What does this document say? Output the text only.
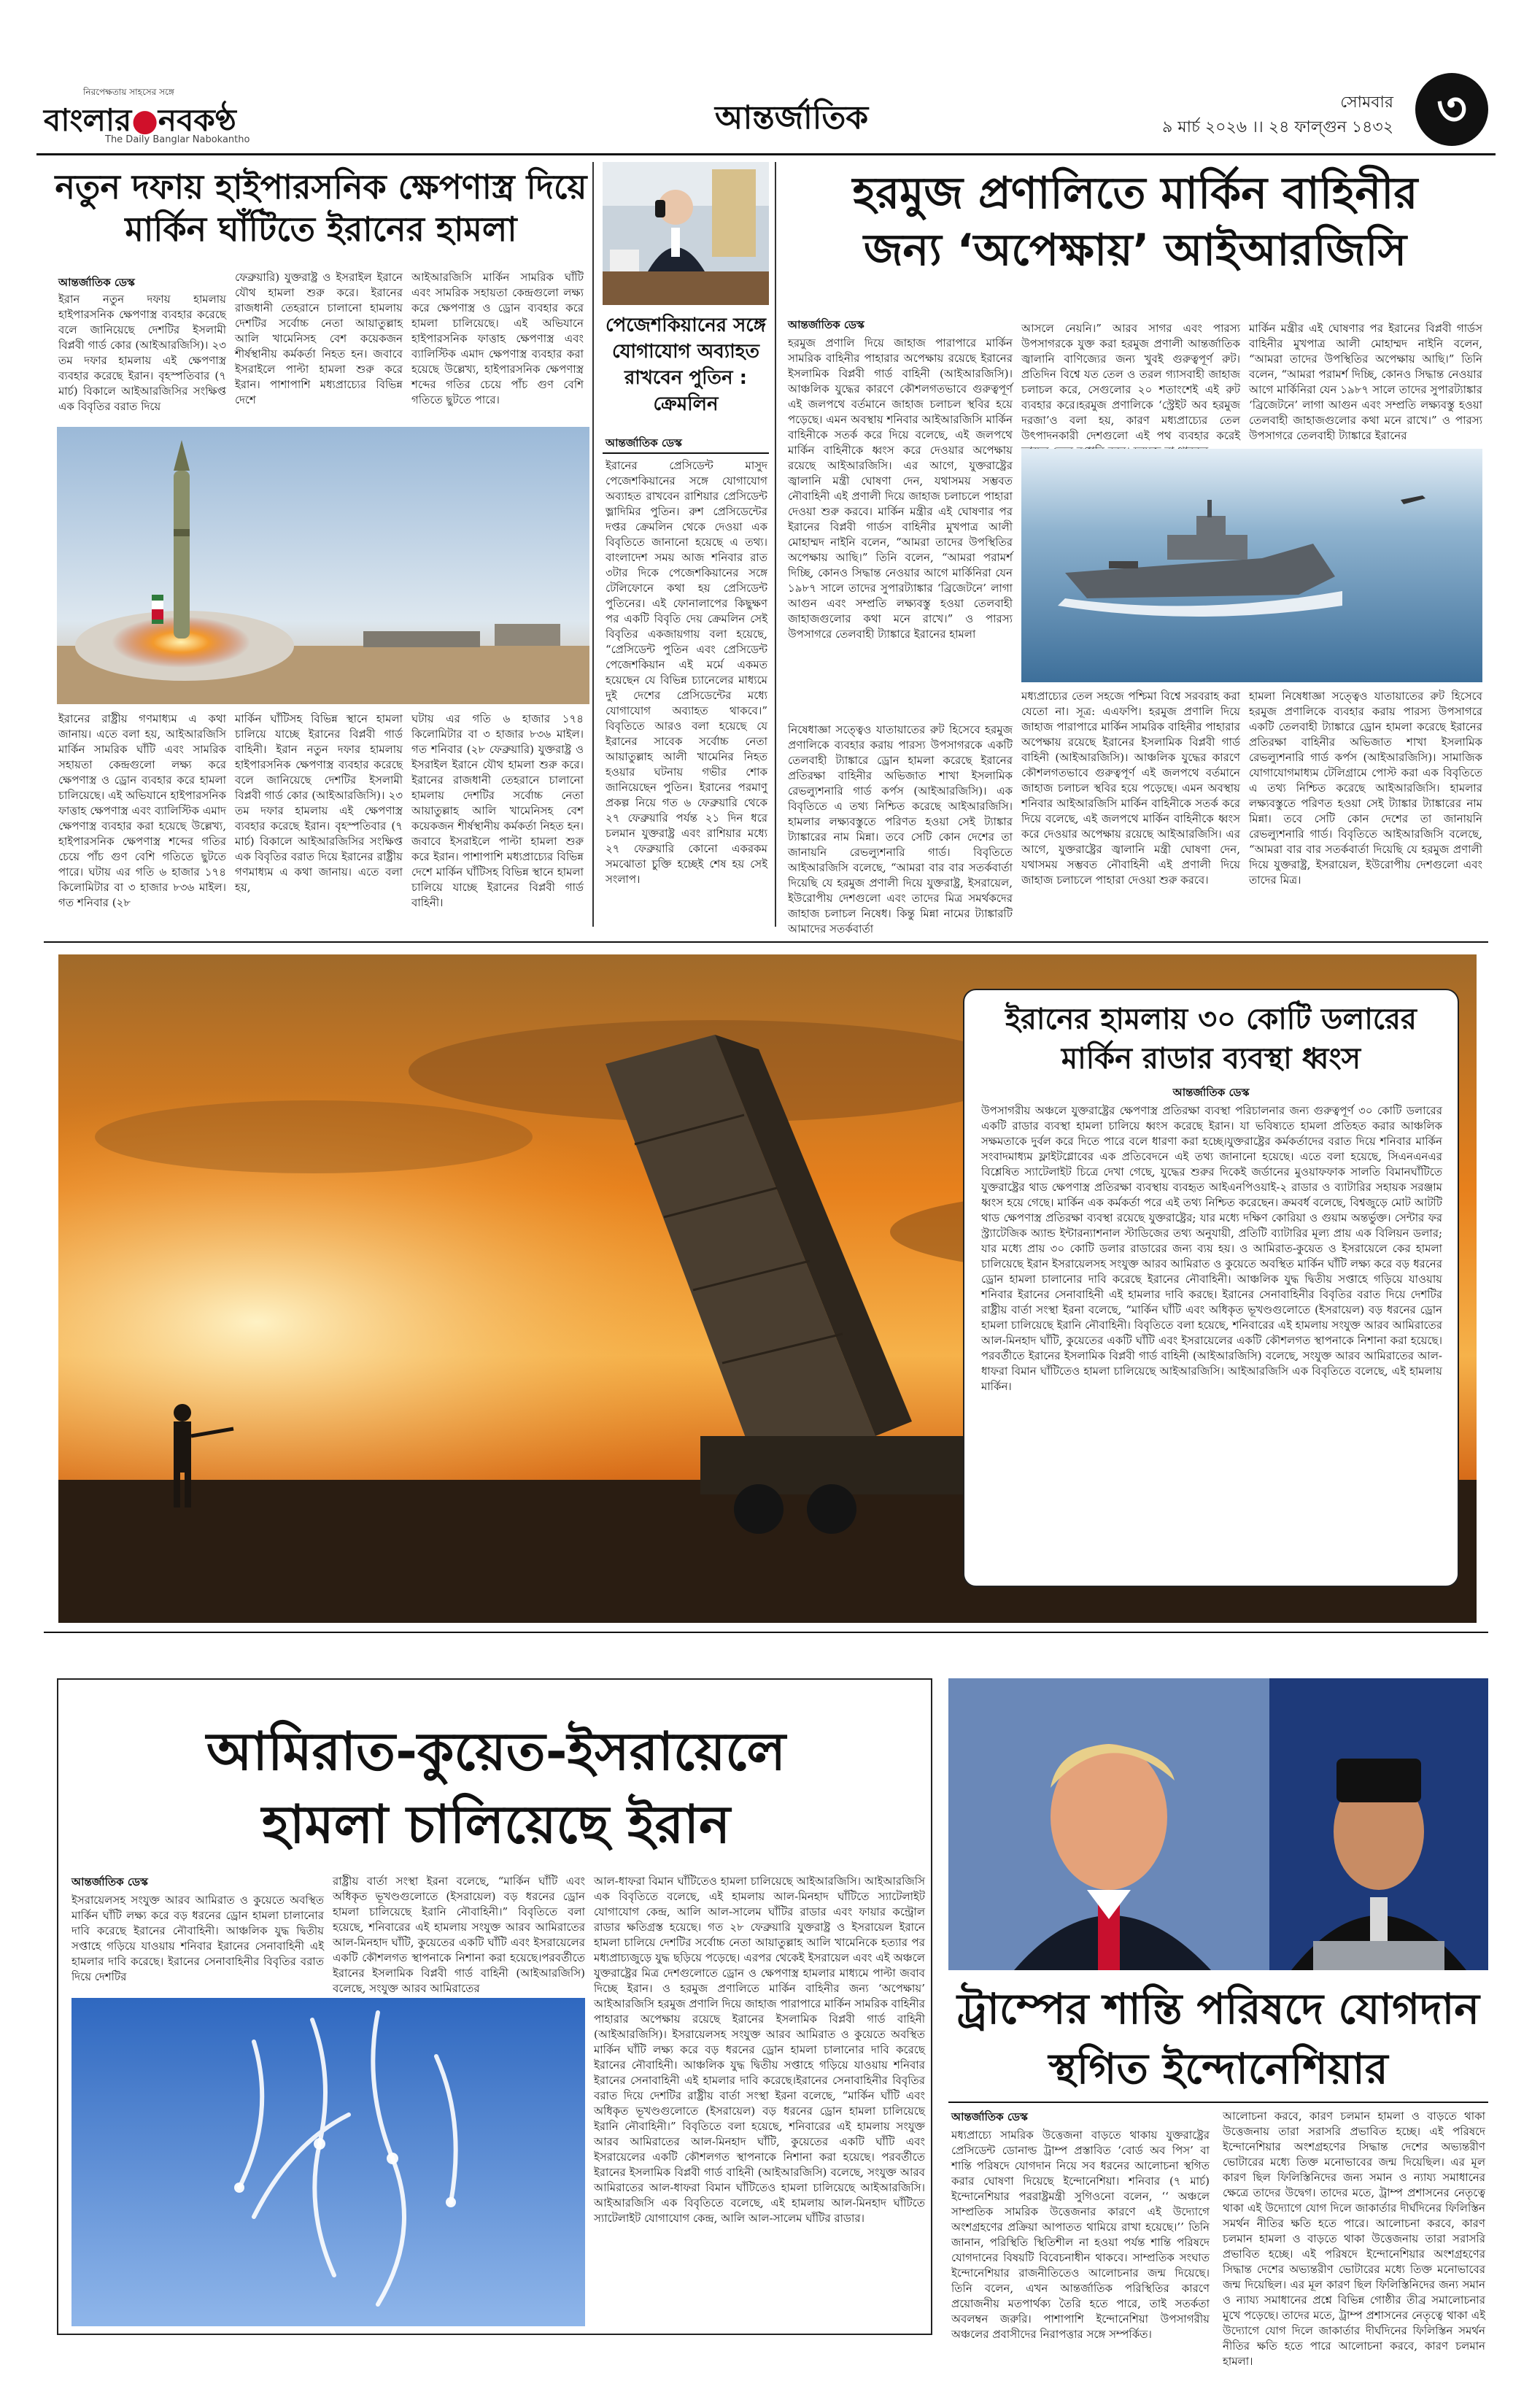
নিরপেক্ষতায় সাহসের সঙ্গে
বাংলার●নবকণ্ঠ
The Daily Banglar Nabokantho
আন্তর্জাতিক	সোমবার
৯ মার্চ ২০২৬ ।। ২৪ ফাল্গুন ১৪৩২ ৩
নতুন দফায় হাইপারসনিক ক্ষেপণাস্ত্র দিয়ে
মার্কিন ঘাঁটিতে ইরানের হামলা
আন্তর্জাতিক ডেস্ক
ইরান নতুন দফায় হামলায় হাইপারসনিক ক্ষেপণাস্ত্র ব্যবহার করেছে বলে জানিয়েছে দেশটির ইসলামী বিপ্লবী গার্ড কোর (আইআরজিসি)। ২৩ তম দফার হামলায় এই ক্ষেপণাস্ত্র ব্যবহার করেছে ইরান। বৃহস্পতিবার (৭ মার্চ) বিকালে আইআরজিসির সংক্ষিপ্ত এক বিবৃতির বরাত দিয়ে
ফেব্রুয়ারি) যুক্তরাষ্ট্র ও ইসরাইল ইরানে যৌথ হামলা শুরু করে। ইরানের রাজধানী তেহরানে চালানো হামলায় দেশটির সর্বোচ্চ নেতা আয়াতুল্লাহ আলি খামেনিসহ বেশ কয়েকজন শীর্ষস্থানীয় কর্মকর্তা নিহত হন। জবাবে ইসরাইলে পাল্টা হামলা শুরু করে ইরান। পাশাপাশি মধ্যপ্রাচ্যের বিভিন্ন দেশে
আইআরজিসি মার্কিন সামরিক ঘাঁটি এবং সামরিক সহায়তা কেন্দ্রগুলো লক্ষ্য করে ক্ষেপণাস্ত্র ও ড্রোন ব্যবহার করে হামলা চালিয়েছে। এই অভিযানে হাইপারসনিক ফাত্তাহ ক্ষেপণাস্ত্র এবং ব্যালিস্টিক এমাদ ক্ষেপণাস্ত্র ব্যবহার করা হয়েছে উল্লেখ্য, হাইপারসনিক ক্ষেপণাস্ত্র শব্দের গতির চেয়ে পাঁচ গুণ বেশি গতিতে ছুটতে পারে।
ইরানের রাষ্ট্রীয় গণমাধ্যম এ কথা জানায়। এতে বলা হয়, আইআরজিসি মার্কিন সামরিক ঘাঁটি এবং সামরিক সহায়তা কেন্দ্রগুলো লক্ষ্য করে ক্ষেপণাস্ত্র ও ড্রোন ব্যবহার করে হামলা চালিয়েছে। এই অভিযানে হাইপারসনিক ফাত্তাহ ক্ষেপণাস্ত্র এবং ব্যালিস্টিক এমাদ ক্ষেপণাস্ত্র ব্যবহার করা হয়েছে উল্লেখ্য, হাইপারসনিক ক্ষেপণাস্ত্র শব্দের গতির চেয়ে পাঁচ গুণ বেশি গতিতে ছুটতে পারে। ঘটায় এর গতি ৬ হাজার ১৭৪ কিলোমিটার বা ৩ হাজার ৮৩৬ মাইল। গত শনিবার (২৮
মার্কিন ঘাঁটিসহ বিভিন্ন স্থানে হামলা চালিয়ে যাচ্ছে ইরানের বিপ্লবী গার্ড বাহিনী। ইরান নতুন দফার হামলায় হাইপারসনিক ক্ষেপণাস্ত্র ব্যবহার করেছে বলে জানিয়েছে দেশটির ইসলামী বিপ্লবী গার্ড কোর (আইআরজিসি)। ২৩ তম দফার হামলায় এই ক্ষেপণাস্ত্র ব্যবহার করেছে ইরান। বৃহস্পতিবার (৭ মার্চ) বিকালে আইআরজিসির সংক্ষিপ্ত এক বিবৃতির বরাত দিয়ে ইরানের রাষ্ট্রীয় গণমাধ্যম এ কথা জানায়। এতে বলা হয়,
ঘটায় এর গতি ৬ হাজার ১৭৪ কিলোমিটার বা ৩ হাজার ৮৩৬ মাইল। গত শনিবার (২৮ ফেব্রুয়ারি) যুক্তরাষ্ট্র ও ইসরাইল ইরানে যৌথ হামলা শুরু করে। ইরানের রাজধানী তেহরানে চালানো হামলায় দেশটির সর্বোচ্চ নেতা আয়াতুল্লাহ আলি খামেনিসহ বেশ কয়েকজন শীর্ষস্থানীয় কর্মকর্তা নিহত হন। জবাবে ইসরাইলে পাল্টা হামলা শুরু করে ইরান। পাশাপাশি মধ্যপ্রাচ্যের বিভিন্ন দেশে মার্কিন ঘাঁটিসহ বিভিন্ন স্থানে হামলা চালিয়ে যাচ্ছে ইরানের বিপ্লবী গার্ড বাহিনী।
পেজেশকিয়ানের সঙ্গে
যোগাযোগ অব্যাহত
রাখবেন পুতিন :
ক্রেমলিন
আন্তর্জাতিক ডেস্ক
ইরানের প্রেসিডেন্ট মাসুদ পেজেশকিয়ানের সঙ্গে যোগাযোগ অব্যাহত রাখবেন রাশিয়ার প্রেসিডেন্ট ভ্লাদিমির পুতিন। রুশ প্রেসিডেন্টের দপ্তর ক্রেমলিন থেকে দেওয়া এক বিবৃতিতে জানানো হয়েছে এ তথ্য। বাংলাদেশ সময় আজ শনিবার রাত ৩টার দিকে পেজেশকিয়ানের সঙ্গে টেলিফোনে কথা হয় প্রেসিডেন্ট পুতিনের। এই ফোনালাপের কিছুক্ষণ পর একটি বিবৃতি দেয় ক্রেমলিন সেই বিবৃতির একজায়গায় বলা হয়েছে, “প্রেসিডেন্ট পুতিন এবং প্রেসিডেন্ট পেজেশকিয়ান এই মর্মে একমত হয়েছেন যে বিভিন্ন চ্যানেলের মাধ্যমে দুই দেশের প্রেসিডেন্টের মধ্যে যোগাযোগ অব্যাহত থাকবে।” বিবৃতিতে আরও বলা হয়েছে যে ইরানের সাবেক সর্বোচ্চ নেতা আয়াতুল্লাহ আলী খামেনির নিহত হওয়ার ঘটনায় গভীর শোক জানিয়েছেন পুতিন। ইরানের পরমাণু প্রকল্প নিয়ে গত ৬ ফেব্রুয়ারি থেকে ২৭ ফেব্রুয়ারি পর্যন্ত ২১ দিন ধরে চলমান যুক্তরাষ্ট্র এবং রাশিয়ার মধ্যে ২৭ ফেব্রুয়ারি কোনো একরকম সমঝোতা চুক্তি হচ্ছেই শেষ হয় সেই সংলাপ।
হরমুজ প্রণালিতে মার্কিন বাহিনীর
জন্য ‘অপেক্ষায়’ আইআরজিসি
আন্তর্জাতিক ডেস্ক
হরমুজ প্রণালি দিয়ে জাহাজ পারাপারে মার্কিন সামরিক বাহিনীর পাহারার অপেক্ষায় রয়েছে ইরানের ইসলামিক বিপ্লবী গার্ড বাহিনী (আইআরজিসি)। আঞ্চলিক যুদ্ধের কারণে কৌশলগতভাবে গুরুত্বপূর্ণ এই জলপথে বর্তমানে জাহাজ চলাচল স্থবির হয়ে পড়েছে। এমন অবস্থায় শনিবার আইআরজিসি মার্কিন বাহিনীকে সতর্ক করে দিয়ে বলেছে, এই জলপথে মার্কিন বাহিনীকে ধ্বংস করে দেওয়ার অপেক্ষায় রয়েছে আইআরজিসি। এর আগে, যুক্তরাষ্ট্রের জ্বালানি মন্ত্রী ঘোষণা দেন, যথাসময় সম্ভবত নৌবাহিনী এই প্রণালী দিয়ে জাহাজ চলাচলে পাহারা দেওয়া শুরু করবে। মার্কিন মন্ত্রীর এই ঘোষণার পর ইরানের বিপ্লবী গার্ডস বাহিনীর মুখপাত্র আলী মোহাম্মদ নাইনি বলেন, “আমরা তাদের উপস্থিতির অপেক্ষায় আছি।” তিনি বলেন, “আমরা পরামর্শ দিচ্ছি, কোনও সিদ্ধান্ত নেওয়ার আগে মার্কিনিরা যেন ১৯৮৭ সালে তাদের সুপারট্যাঙ্কার ‘ব্রিজেটনে’ লাগা আগুন এবং সম্প্রতি লক্ষ্যবস্তু হওয়া তেলবাহী জাহাজগুলোর কথা মনে রাখে।” ও পারস্য উপসাগরে তেলবাহী ট্যাঙ্কারে ইরানের হামলা
আসলে নেয়নি।” আরব সাগর এবং পারস্য উপসাগরকে যুক্ত করা হরমুজ প্রণালী আন্তর্জাতিক জ্বালানি বাণিজ্যের জন্য খুবই গুরুত্বপূর্ণ রুট। প্রতিদিন বিশ্বে যত তেল ও তরল গ্যাসবাহী জাহাজ চলাচল করে, সেগুলোর ২০ শতাংশেই এই রুট ব্যবহার করে।হরমুজ প্রণালিকে ‘স্ট্রেইট অব হরমুজ দরজা’ও বলা হয়, কারণ মধ্যপ্রাচ্যের তেল উৎপাদনকারী দেশগুলো এই পথ ব্যবহার করেই
মার্কিন মন্ত্রীর এই ঘোষণার পর ইরানের বিপ্লবী গার্ডস বাহিনীর মুখপাত্র আলী মোহাম্মদ নাইনি বলেন, “আমরা তাদের উপস্থিতির অপেক্ষায় আছি।” তিনি বলেন, “আমরা পরামর্শ দিচ্ছি, কোনও সিদ্ধান্ত নেওয়ার আগে মার্কিনিরা যেন ১৯৮৭ সালে তাদের সুপারট্যাঙ্কার ‘ব্রিজেটনে’ লাগা আগুন এবং সম্প্রতি লক্ষ্যবস্তু হওয়া তেলবাহী জাহাজগুলোর কথা মনে রাখে।” ও পারস্য উপসাগরে তেলবাহী ট্যাঙ্কারে ইরানের
নিষেধাজ্ঞা সত্ত্বেও যাতায়াতের রুট হিসেবে হরমুজ প্রণালিকে ব্যবহার করায় পারস্য উপসাগরকে একটি তেলবাহী ট্যাঙ্কারে ড্রোন হামলা করেছে ইরানের প্রতিরক্ষা বাহিনীর অভিজাত শাখা ইসলামিক রেভল্যুশনারি গার্ড কর্পস (আইআরজিসি)। এক বিবৃতিতে এ তথ্য নিশ্চিত করেছে আইআরজিসি। হামলার লক্ষ্যবস্তুতে পরিণত হওয়া সেই ট্যাঙ্কার ট্যাঙ্কারের নাম মিন্না। তবে সেটি কোন দেশের তা জানায়নি রেভল্যুশনারি গার্ড। বিবৃতিতে আইআরজিসি বলেছে, “আমরা বার বার সতর্কবার্তা দিয়েছি যে হরমুজ প্রণালী দিয়ে যুক্তরাষ্ট্র, ইসরায়েল, ইউরোপীয় দেশগুলো এবং তাদের মিত্র সমর্থকদের জাহাজ চলাচল নিষেধ। কিন্তু মিন্না নামের ট্যাঙ্কারটি আমাদের সতর্কবার্তা
মধ্যপ্রাচ্যের তেল সহজে পশ্চিমা বিশ্বে সরবরাহ করা যেতো না। সূত্র: এএফপি। হরমুজ প্রণালি দিয়ে জাহাজ পারাপারে মার্কিন সামরিক বাহিনীর পাহারার অপেক্ষায় রয়েছে ইরানের ইসলামিক বিপ্লবী গার্ড বাহিনী (আইআরজিসি)। আঞ্চলিক যুদ্ধের কারণে কৌশলগতভাবে গুরুত্বপূর্ণ এই জলপথে বর্তমানে জাহাজ চলাচল স্থবির হয়ে পড়েছে। এমন অবস্থায় শনিবার আইআরজিসি মার্কিন বাহিনীকে সতর্ক করে দিয়ে বলেছে, এই জলপথে মার্কিন বাহিনীকে ধ্বংস করে দেওয়ার অপেক্ষায় রয়েছে আইআরজিসি। এর আগে, যুক্তরাষ্ট্রের জ্বালানি মন্ত্রী ঘোষণা দেন, যথাসময় সম্ভবত নৌবাহিনী এই প্রণালী দিয়ে জাহাজ চলাচলে পাহারা দেওয়া শুরু করবে।
হামলা নিষেধাজ্ঞা সত্ত্বেও যাতায়াতের রুট হিসেবে হরমুজ প্রণালিকে ব্যবহার করায় পারস্য উপসাগরে একটি তেলবাহী ট্যাঙ্কারে ড্রোন হামলা করেছে ইরানের প্রতিরক্ষা বাহিনীর অভিজাত শাখা ইসলামিক রেভল্যুশনারি গার্ড কর্পস (আইআরজিসি)। সামাজিক যোগাযোগমাধ্যম টেলিগ্রামে পোস্ট করা এক বিবৃতিতে এ তথ্য নিশ্চিত করেছে আইআরজিসি। হামলার লক্ষ্যবস্তুতে পরিণত হওয়া সেই ট্যাঙ্কার ট্যাঙ্কারের নাম মিন্না। তবে সেটি কোন দেশের তা জানায়নি রেভল্যুশনারি গার্ড। বিবৃতিতে আইআরজিসি বলেছে, “আমরা বার বার সতর্কবার্তা দিয়েছি যে হরমুজ প্রণালী দিয়ে যুক্তরাষ্ট্র, ইসরায়েল, ইউরোপীয় দেশগুলো এবং তাদের মিত্র।
ইরানের হামলায় ৩০ কোটি ডলারের
মার্কিন রাডার ব্যবস্থা ধ্বংস
আন্তর্জাতিক ডেস্ক
উপসাগরীয় অঞ্চলে যুক্তরাষ্ট্রের ক্ষেপণাস্ত্র প্রতিরক্ষা ব্যবস্থা পরিচালনার জন্য গুরুত্বপূর্ণ ৩০ কোটি ডলারের একটি রাডার ব্যবস্থা হামলা চালিয়ে ধ্বংস করেছে ইরান। যা ভবিষ্যতে হামলা প্রতিহত করার আঞ্চলিক সক্ষমতাকে দুর্বল করে দিতে পারে বলে ধারণা করা হচ্ছে।যুক্তরাষ্ট্রের কর্মকর্তাদের বরাত দিয়ে শনিবার মার্কিন সংবাদমাধ্যম ফ্লাইটগ্লোবের এক প্রতিবেদনে এই তথ্য জানানো হয়েছে। এতে বলা হয়েছে, সিএনএনএর বিশ্লেষিত স্যাটেলাইট চিত্রে দেখা গেছে, যুদ্ধের শুরুর দিকেই জর্ডানের মুওয়াফফাক সালতি বিমানঘাঁটিতে যুক্তরাষ্ট্রের থাড ক্ষেপণাস্ত্র প্রতিরক্ষা ব্যবস্থায় ব্যবহৃত আইএনপিওয়াই-২ রাডার ও ব্যাটারির সহায়ক সরঞ্জাম ধ্বংস হয়ে গেছে। মার্কিন এক কর্মকর্তা পরে এই তথ্য নিশ্চিত করেছেন। ক্রমবর্ধ বলেছে, বিশ্বজুড়ে মোট আটটি থাড ক্ষেপণাস্ত্র প্রতিরক্ষা ব্যবস্থা রয়েছে যুক্তরাষ্ট্রের; যার মধ্যে দক্ষিণ কোরিয়া ও গুয়াম অন্তর্ভুক্ত। সেন্টার ফর স্ট্র্যাটেজিক অ্যান্ড ইন্টারন্যাশনাল স্টাডিজের তথ্য অনুযায়ী, প্রতিটি ব্যাটারির মূল্য প্রায় এক বিলিয়ন ডলার; যার মধ্যে প্রায় ৩০ কোটি ডলার রাডারের জন্য ব্যয় হয়। ও আমিরাত-কুয়েত ও ইসরায়েলে কের হামলা চালিয়েছে ইরান ইসরায়েলসহ সংযুক্ত আরব আমিরাত ও কুয়েতে অবস্থিত মার্কিন ঘাঁটি লক্ষ্য করে বড় ধরনের ড্রোন হামলা চালানোর দাবি করেছে ইরানের নৌবাহিনী। আঞ্চলিক যুদ্ধ দ্বিতীয় সপ্তাহে গড়িয়ে যাওয়ায় শনিবার ইরানের সেনাবাহিনী এই হামলার দাবি করছে। ইরানের সেনাবাহিনীর বিবৃতির বরাত দিয়ে দেশটির রাষ্ট্রীয় বার্তা সংস্থা ইরনা বলেছে, “মার্কিন ঘাঁটি এবং অধিকৃত ভূখণ্ডগুলোতে (ইসরায়েল) বড় ধরনের ড্রোন হামলা চালিয়েছে ইরানি নৌবাহিনী। বিবৃতিতে বলা হয়েছে, শনিবারের এই হামলায় সংযুক্ত আরব আমিরাতের আল-মিনহাদ ঘাঁটি, কুয়েতের একটি ঘাঁটি এবং ইসরায়েলের একটি কৌশলগত স্থাপনাকে নিশানা করা হয়েছে। পরবর্তীতে ইরানের ইসলামিক বিপ্লবী গার্ড বাহিনী (আইআরজিসি) বলেছে, সংযুক্ত আরব আমিরাতের আল-ধাফরা বিমান ঘাঁটিতেও হামলা চালিয়েছে আইআরজিসি। আইআরজিসি এক বিবৃতিতে বলেছে, এই হামলায় মার্কিন।
আমিরাত-কুয়েত-ইসরায়েলে
হামলা চালিয়েছে ইরান
আন্তর্জাতিক ডেস্ক
ইসরায়েলসহ সংযুক্ত আরব আমিরাত ও কুয়েতে অবস্থিত মার্কিন ঘাঁটি লক্ষ্য করে বড় ধরনের ড্রোন হামলা চালানোর দাবি করেছে ইরানের নৌবাহিনী। আঞ্চলিক যুদ্ধ দ্বিতীয় সপ্তাহে গড়িয়ে যাওয়ায় শনিবার ইরানের সেনাবাহিনী এই হামলার দাবি করেছে। ইরানের সেনাবাহিনীর বিবৃতির বরাত দিয়ে দেশটির
রাষ্ট্রীয় বার্তা সংস্থা ইরনা বলেছে, “মার্কিন ঘাঁটি এবং অধিকৃত ভূখণ্ডগুলোতে (ইসরায়েল) বড় ধরনের ড্রোন হামলা চালিয়েছে ইরানি নৌবাহিনী।” বিবৃতিতে বলা হয়েছে, শনিবারের এই হামলায় সংযুক্ত আরব আমিরাতের আল-মিনহাদ ঘাঁটি, কুয়েতের একটি ঘাঁটি এবং ইসরায়েলের একটি কৌশলগত স্থাপনাকে নিশানা করা হয়েছে।পরবর্তীতে ইরানের ইসলামিক বিপ্লবী গার্ড বাহিনী (আইআরজিসি) বলেছে, সংযুক্ত আরব আমিরাতের
আল-ধাফরা বিমান ঘাঁটিতেও হামলা চালিয়েছে আইআরজিসি। আইআরজিসি এক বিবৃতিতে বলেছে, এই হামলায় আল-মিনহাদ ঘাঁটিতে স্যাটেলাইট যোগাযোগ কেন্দ্র, আলি আল-সালেম ঘাঁটির রাডার এবং ফায়ার কন্ট্রোল রাডার ক্ষতিগ্রস্ত হয়েছে। গত ২৮ ফেব্রুয়ারি যুক্তরাষ্ট্র ও ইসরায়েল ইরানে হামলা চালিয়ে দেশটির সর্বোচ্চ নেতা আয়াতুল্লাহ আলি খামেনিকে হত্যার পর মধ্যপ্রাচ্যজুড়ে যুদ্ধ ছড়িয়ে পড়েছে। এরপর থেকেই ইসরায়েল এবং এই অঞ্চলে যুক্তরাষ্ট্রের মিত্র দেশগুলোতে ড্রোন ও ক্ষেপণাস্ত্র হামলার মাধ্যমে পাল্টা জবাব দিচ্ছে ইরান। ও হরমুজ প্রণালিতে মার্কিন বাহিনীর জন্য ‘অপেক্ষায়’ আইআরজিসি হরমুজ প্রণালি দিয়ে জাহাজ পারাপারে মার্কিন সামরিক বাহিনীর পাহারার অপেক্ষায় রয়েছে ইরানের ইসলামিক বিপ্লবী গার্ড বাহিনী (আইআরজিসি)। ইসরায়েলসহ সংযুক্ত আরব আমিরাত ও কুয়েতে অবস্থিত মার্কিন ঘাঁটি লক্ষ্য করে বড় ধরনের ড্রোন হামলা চালানোর দাবি করেছে ইরানের নৌবাহিনী। আঞ্চলিক যুদ্ধ দ্বিতীয় সপ্তাহে গড়িয়ে যাওয়ায় শনিবার ইরানের সেনাবাহিনী এই হামলার দাবি করেছে।ইরানের সেনাবাহিনীর বিবৃতির বরাত দিয়ে দেশটির রাষ্ট্রীয় বার্তা সংস্থা ইরনা বলেছে, “মার্কিন ঘাঁটি এবং অধিকৃত ভূখণ্ডগুলোতে (ইসরায়েল) বড় ধরনের ড্রোন হামলা চালিয়েছে ইরানি নৌবাহিনী।” বিবৃতিতে বলা হয়েছে, শনিবারের এই হামলায় সংযুক্ত আরব আমিরাতের আল-মিনহাদ ঘাঁটি, কুয়েতের একটি ঘাঁটি এবং ইসরায়েলের একটি কৌশলগত স্থাপনাকে নিশানা করা হয়েছে। পরবর্তীতে ইরানের ইসলামিক বিপ্লবী গার্ড বাহিনী (আইআরজিসি) বলেছে, সংযুক্ত আরব আমিরাতের আল-ধাফরা বিমান ঘাঁটিতেও হামলা চালিয়েছে আইআরজিসি। আইআরজিসি এক বিবৃতিতে বলেছে, এই হামলায় আল-মিনহাদ ঘাঁটিতে স্যাটেলাইট যোগাযোগ কেন্দ্র, আলি আল-সালেম ঘাঁটির রাডার।
ট্রাম্পের শান্তি পরিষদে যোগদান
স্থগিত ইন্দোনেশিয়ার
আন্তর্জাতিক ডেস্ক
মধ্যপ্রাচ্যে সামরিক উত্তেজনা বাড়তে থাকায় যুক্তরাষ্ট্রের প্রেসিডেন্ট ডোনাল্ড ট্রাম্প প্রস্তাবিত ‘বোর্ড অব পিস’ বা শান্তি পরিষদে যোগদান নিয়ে সব ধরনের আলোচনা স্থগিত করার ঘোষণা দিয়েছে ইন্দোনেশিয়া। শনিবার (৭ মার্চ) ইন্দোনেশিয়ার পররাষ্ট্রমন্ত্রী সুগিওনো বলেন, ‘‘ অঞ্চলে সাম্প্রতিক সামরিক উত্তেজনার কারণে এই উদ্যোগে অংশগ্রহণের প্রক্রিয়া আপাতত থামিয়ে রাখা হয়েছে।’’ তিনি জানান, পরিস্থিতি স্থিতিশীল না হওয়া পর্যন্ত শান্তি পরিষদে যোগদানের বিষয়টি বিবেচনাধীন থাকবে। সাম্প্রতিক সংঘাত ইন্দোনেশিয়ার রাজনীতিতেও আলোচনার জন্ম দিয়েছে। তিনি বলেন, এখন আন্তর্জাতিক পরিস্থিতির কারণে প্রয়োজনীয় মতপার্থক্য তৈরি হতে পারে, তাই সতর্কতা অবলম্বন জরুরি। পাশাপাশি ইন্দোনেশিয়া উপসাগরীয় অঞ্চলের প্রবাসীদের নিরাপত্তার সঙ্গে সম্পর্কিত।
আলোচনা করবে, কারণ চলমান হামলা ও বাড়তে থাকা উত্তেজনায় তারা সরাসরি প্রভাবিত হচ্ছে। এই পরিষদে ইন্দোনেশিয়ার অংশগ্রহণের সিদ্ধান্ত দেশের অভ্যন্তরীণ ভোটারের মধ্যে তিক্ত মনোভাবের জন্ম দিয়েছিল। এর মূল কারণ ছিল ফিলিস্তিনিদের জন্য সমান ও ন্যায্য সমাধানের ক্ষেত্রে তাদের উদ্বেগ। তাদের মতে, ট্রাম্প প্রশাসনের নেতৃত্বে থাকা এই উদ্যোগে যোগ দিলে জাকার্তার দীর্ঘদিনের ফিলিস্তিন সমর্থন নীতির ক্ষতি হতে পারে। আলোচনা করবে, কারণ চলমান হামলা ও বাড়তে থাকা উত্তেজনায় তারা সরাসরি প্রভাবিত হচ্ছে। এই পরিষদে ইন্দোনেশিয়ার অংশগ্রহণের সিদ্ধান্ত দেশের অভ্যন্তরীণ ভোটারের মধ্যে তিক্ত মনোভাবের জন্ম দিয়েছিল। এর মূল কারণ ছিল ফিলিস্তিনিদের জন্য সমান ও ন্যায্য সমাধানের প্রশ্নে বিভিন্ন গোষ্ঠীর তীব্র সমালোচনার মুখে পড়েছে। তাদের মতে, ট্রাম্প প্রশাসনের নেতৃত্বে থাকা এই উদ্যোগে যোগ দিলে জাকার্তার দীর্ঘদিনের ফিলিস্তিন সমর্থন নীতির ক্ষতি হতে পারে আলোচনা করবে, কারণ চলমান হামলা।
